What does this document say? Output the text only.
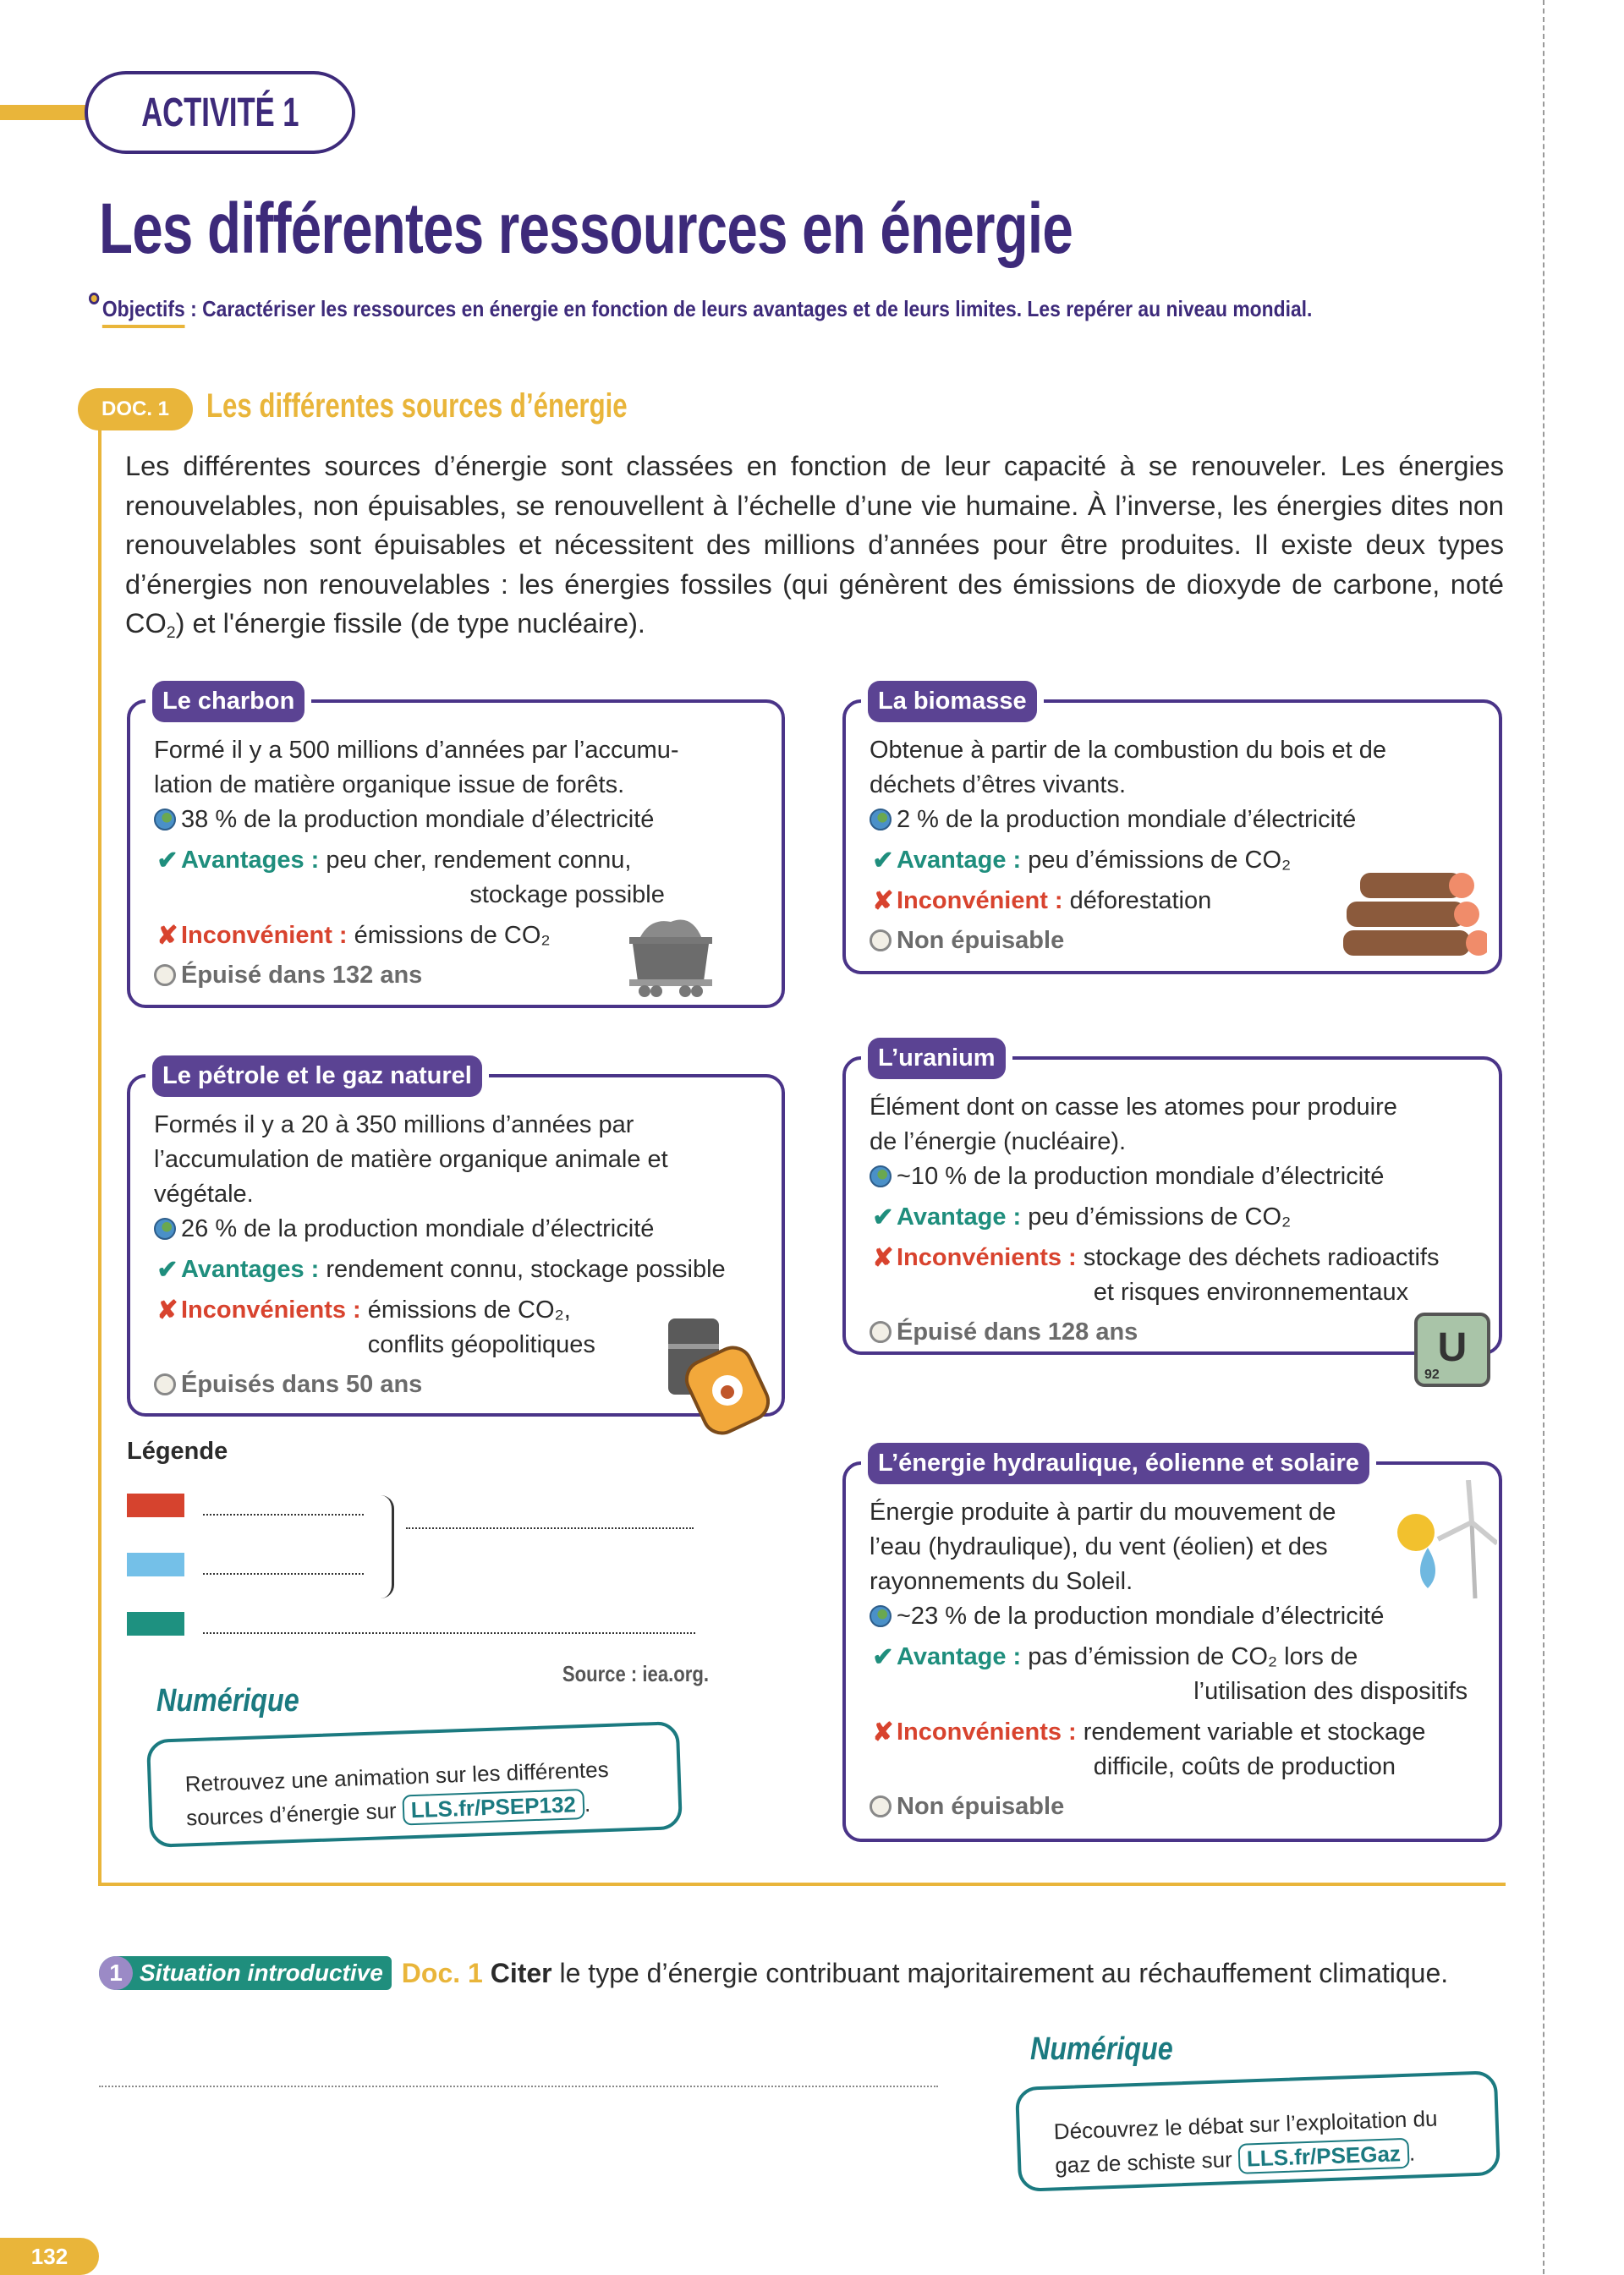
ACTIVITÉ 1
Les différentes ressources en énergie
Objectifs : Caractériser les ressources en énergie en fonction de leurs avantages et de leurs limites. Les repérer au niveau mondial.
DOC. 1	Les différentes sources d’énergie

Les différentes sources d’énergie sont classées en fonction de leur capacité à se renouveler. Les énergies renouvelables, non épuisables, se renouvellent à l’échelle d’une vie humaine. À l’inverse, les énergies dites non renouvelables sont épuisables et nécessitent des millions d’années pour être produites. Il existe deux types d’énergies non renouvelables : les énergies fossiles (qui génèrent des émissions de dioxyde de carbone, noté $CO_2$) et l'énergie fissile (de type nucléaire).

Le charbon
Formé il y a 500 millions d’années par l’accumu-
lation de matière organique issue de forêts.
38 % de la production mondiale d’électricité
✔ Avantages : peu cher, rendement connu,
stockage possible
✘ Inconvénient : émissions de CO₂
Épuisé dans 132 ans
La biomasse
Obtenue à partir de la combustion du bois et de
déchets d’êtres vivants.
2 % de la production mondiale d’électricité
✔ Avantage : peu d’émissions de CO₂
✘ Inconvénient : déforestation
Non épuisable
Le pétrole et le gaz naturel
Formés il y a 20 à 350 millions d’années par
l’accumulation de matière organique animale et
végétale.
26 % de la production mondiale d’électricité
✔ Avantages : rendement connu, stockage possible
✘ Inconvénients : émissions de CO₂,
conflits géopolitiques
Épuisés dans 50 ans
L’uranium
Élément dont on casse les atomes pour produire
de l’énergie (nucléaire).
~10 % de la production mondiale d’électricité
✔ Avantage : peu d’émissions de CO₂
✘ Inconvénients : stockage des déchets radioactifs
et risques environnementaux
Épuisé dans 128 ans	U
92
L’énergie hydraulique, éolienne et solaire
Énergie produite à partir du mouvement de
l’eau (hydraulique), du vent (éolien) et des
rayonnements du Soleil.
~23 % de la production mondiale d’électricité
✔ Avantage : pas d’émission de CO₂ lors de
l’utilisation des dispositifs
✘ Inconvénients : rendement variable et stockage
difficile, coûts de production
Non épuisable
Légende
Source : iea.org.
Numérique
Retrouvez une animation sur les différentes sources d’énergie sur LLS.fr/PSEP132 .
1 Situation introductive Doc. 1 Citer le type d’énergie contribuant majoritairement au réchauffement climatique.
Numérique
Découvrez le débat sur l’exploitation du gaz de schiste sur LLS.fr/PSEGaz .
132
